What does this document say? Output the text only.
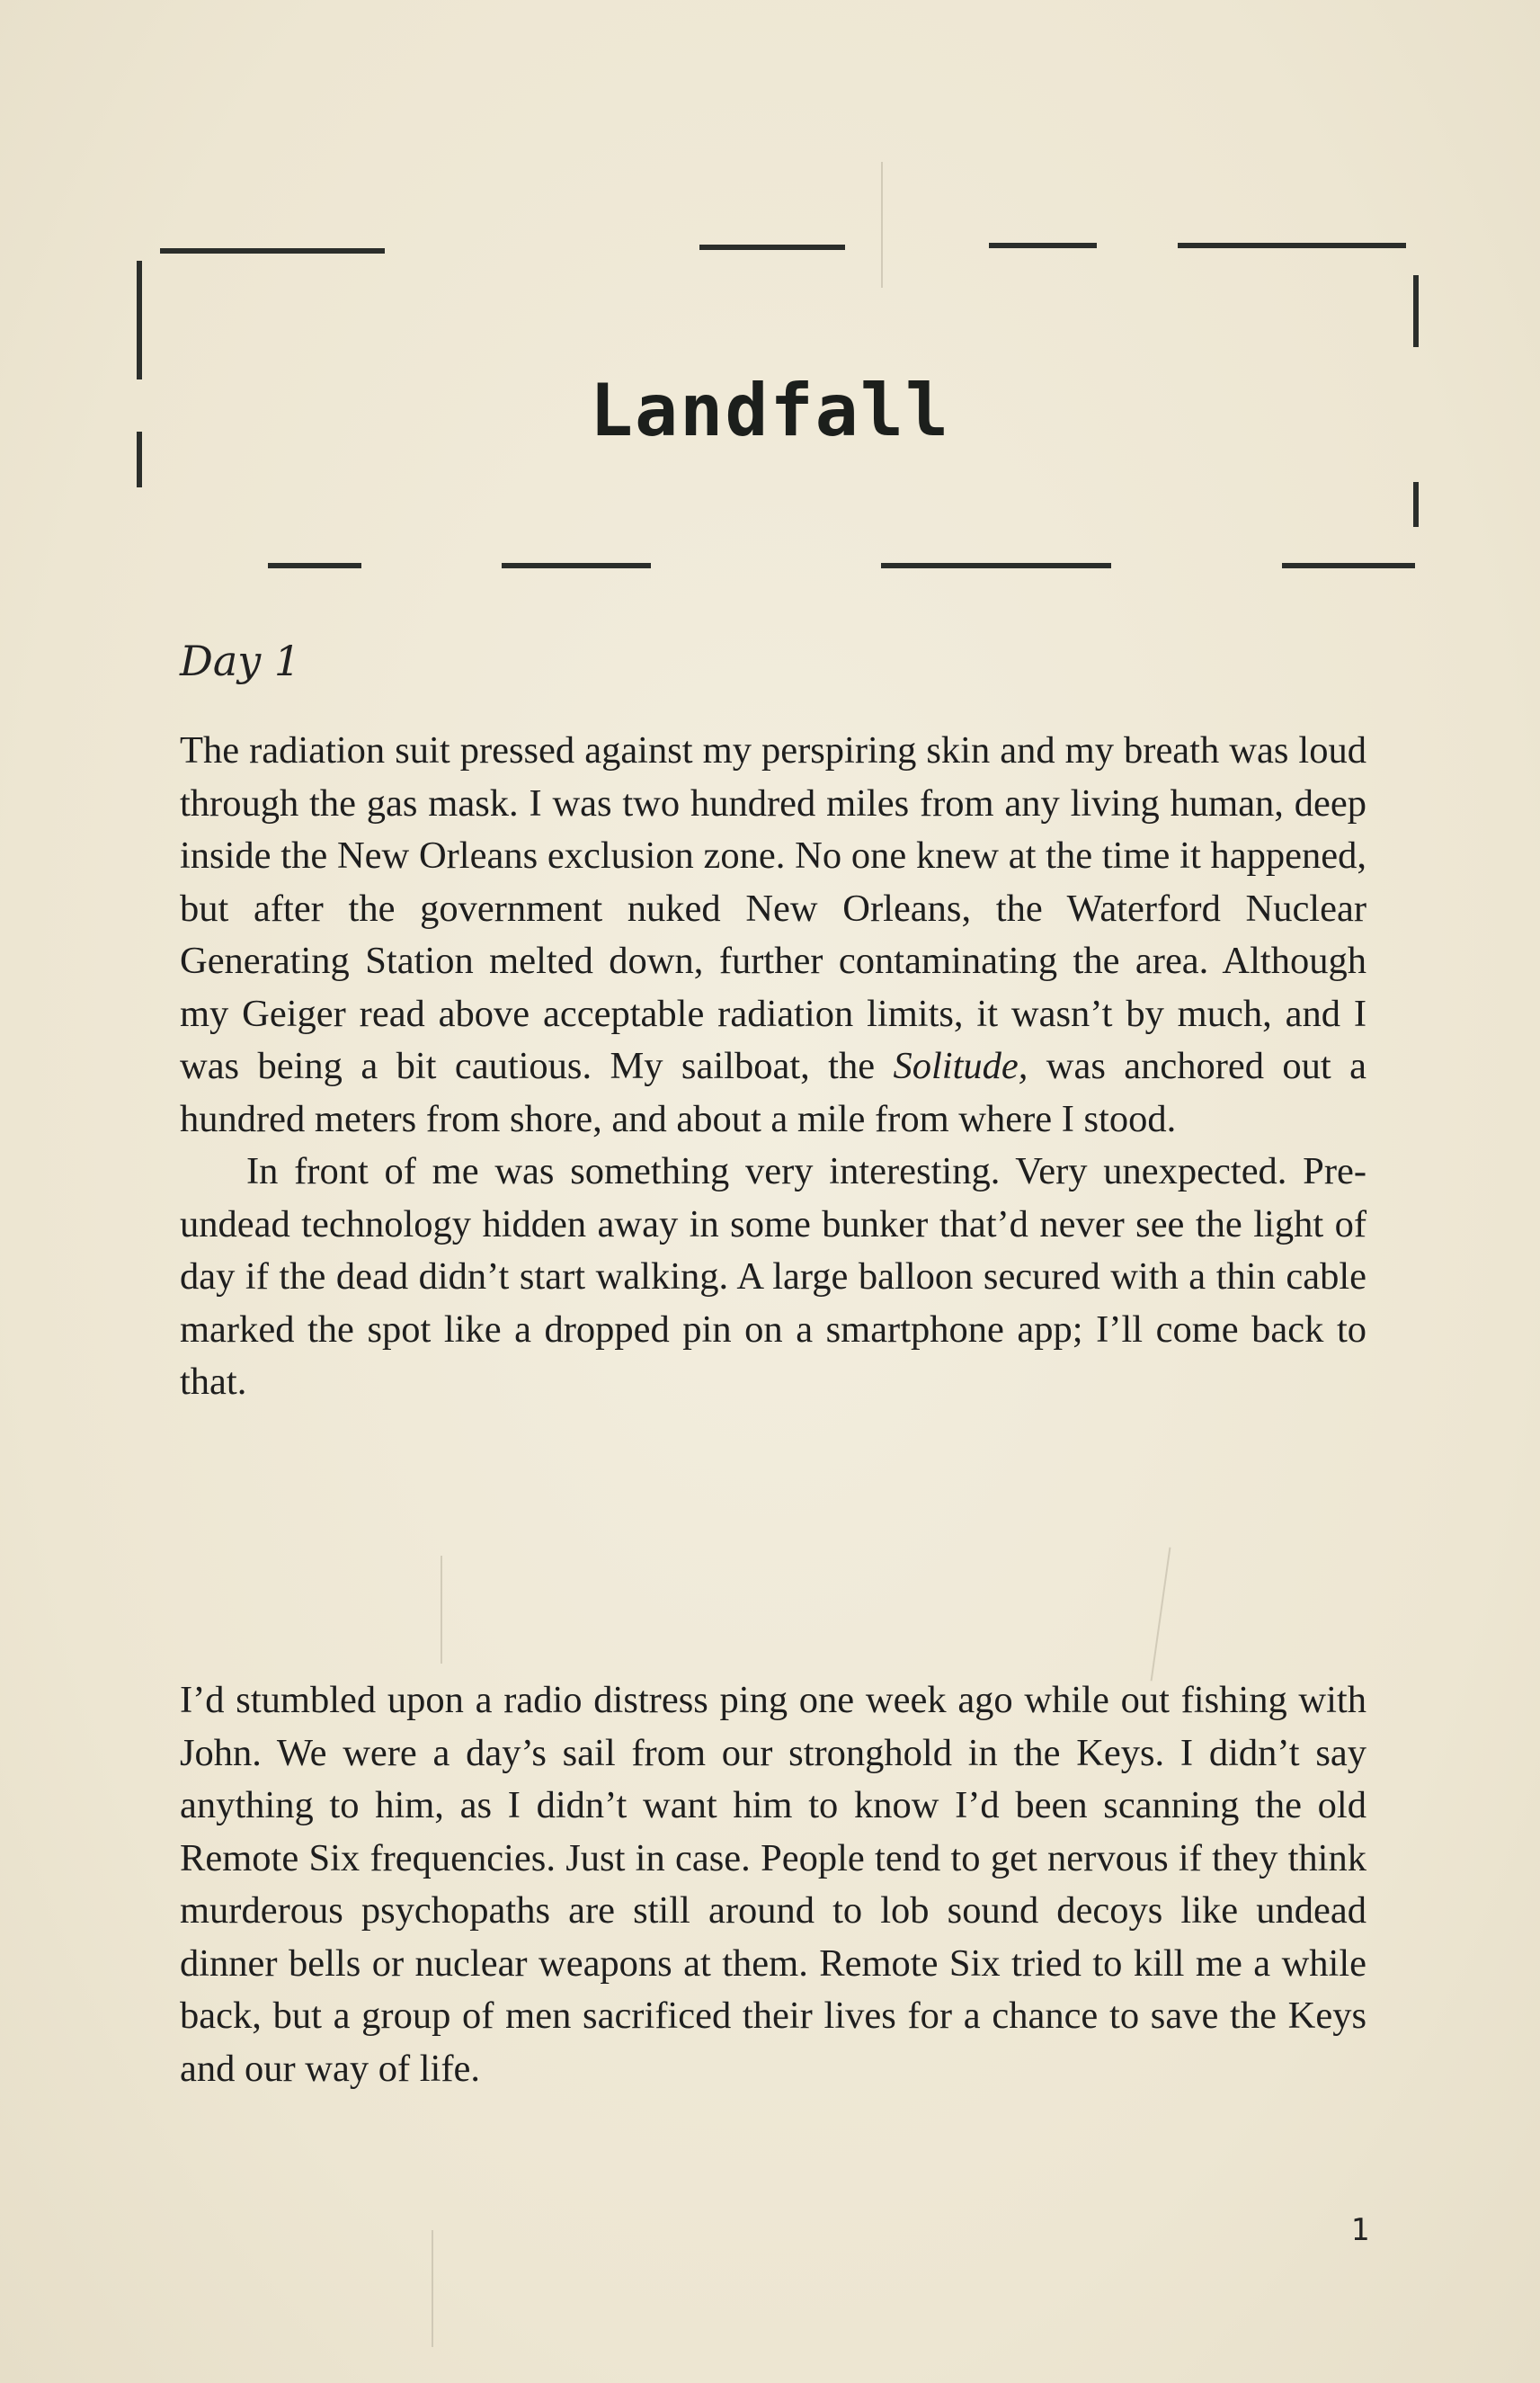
Landfall
Day 1

The radiation suit pressed against my perspiring skin and my breath was loud through the gas mask. I was two hundred miles from any living human, deep inside the New Orleans exclusion zone. No one knew at the time it happened, but after the government nuked New Orleans, the Waterford Nuclear Generating Station melted down, further contaminating the area. Although my Geiger read above acceptable radiation limits, it wasn’t by much, and I was being a bit cautious. My sailboat, the Solitude, was anchored out a hundred meters from shore, and about a mile from where I stood.

In front of me was something very interesting. Very unexpected. Pre-undead technology hidden away in some bunker that’d never see the light of day if the dead didn’t start walking. A large balloon secured with a thin cable marked the spot like a dropped pin on a smartphone app; I’ll come back to that.

I’d stumbled upon a radio distress ping one week ago while out fishing with John. We were a day’s sail from our stronghold in the Keys. I didn’t say anything to him, as I didn’t want him to know I’d been scanning the old Remote Six frequencies. Just in case. People tend to get nervous if they think murderous psychopaths are still around to lob sound decoys like undead dinner bells or nuclear weapons at them. Remote Six tried to kill me a while back, but a group of men sacrificed their lives for a chance to save the Keys and our way of life.

1
